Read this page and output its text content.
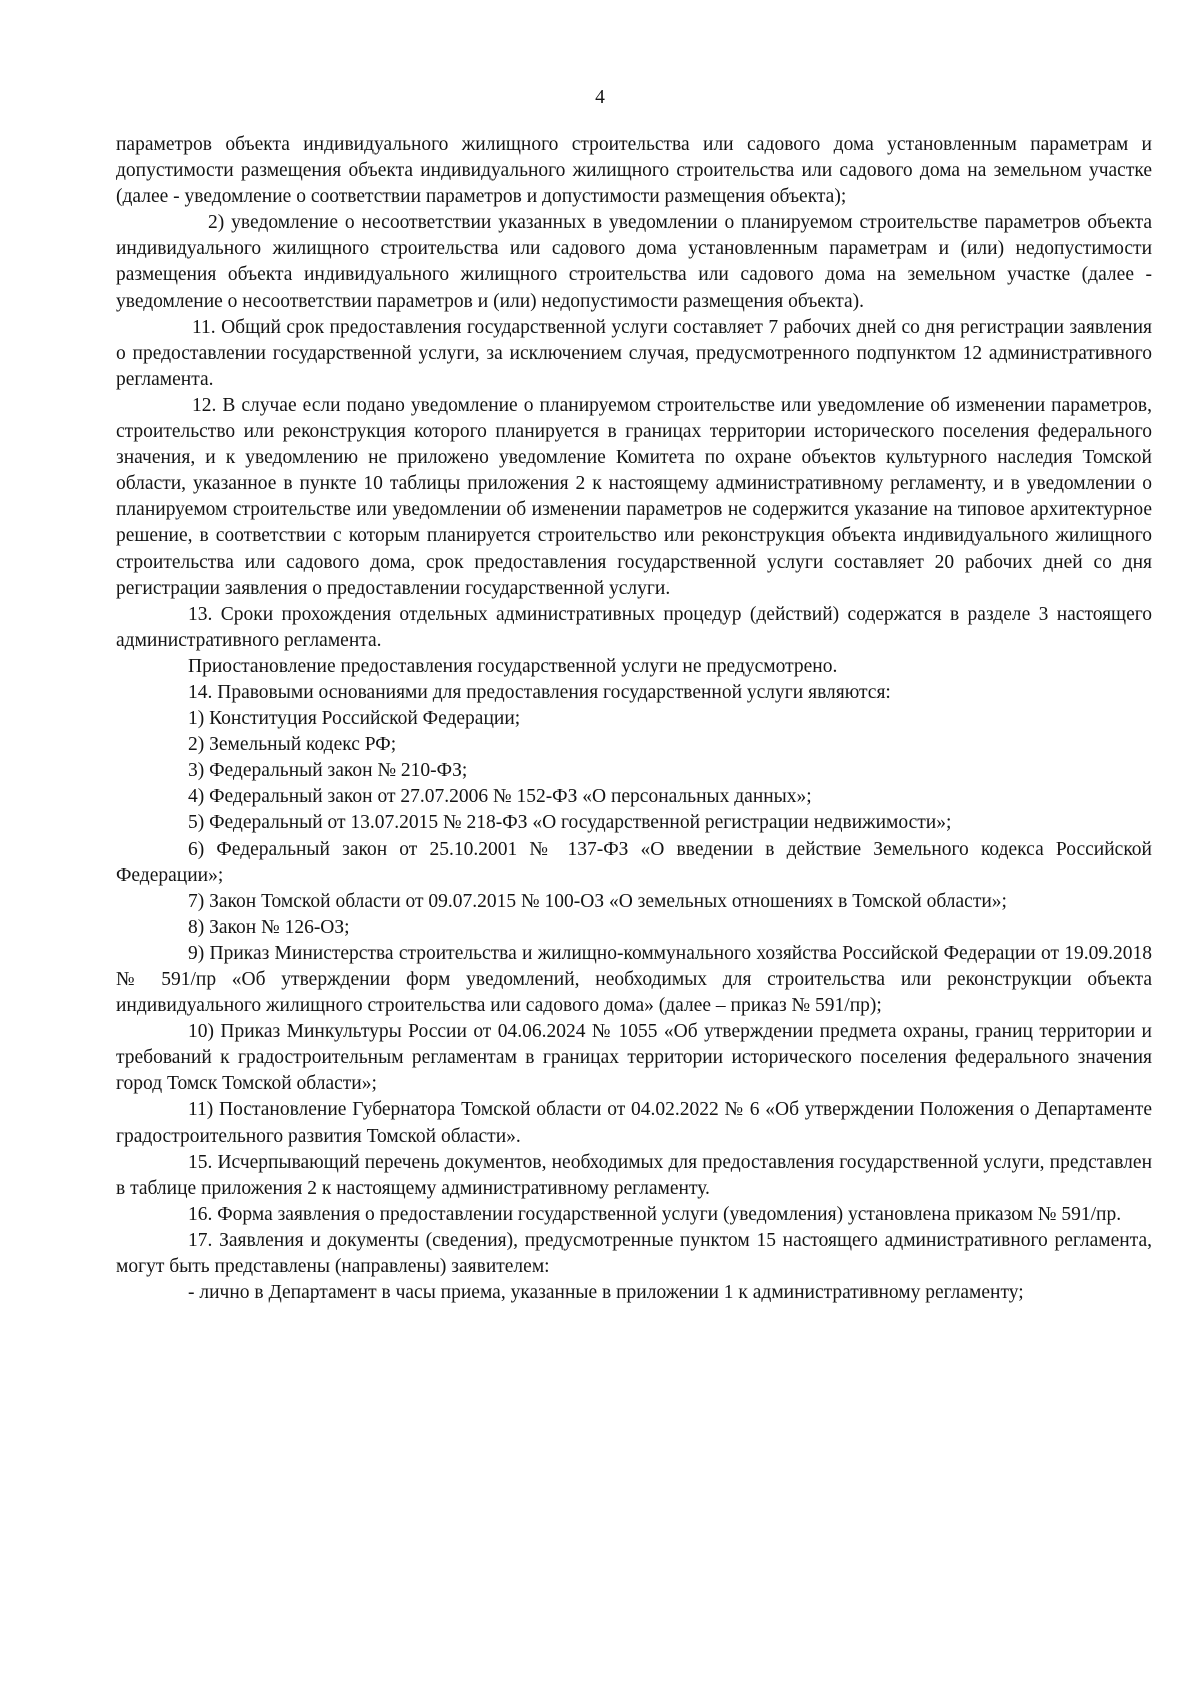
4

параметров объекта индивидуального жилищного строительства или садового дома установленным параметрам и допустимости размещения объекта индивидуального жилищного строительства или садового дома на земельном участке (далее - уведомление о соответствии параметров и допустимости размещения объекта);

2) уведомление о несоответствии указанных в уведомлении о планируемом строительстве параметров объекта индивидуального жилищного строительства или садового дома установленным параметрам и (или) недопустимости размещения объекта индивидуального жилищного строительства или садового дома на земельном участке (далее - уведомление о несоответствии параметров и (или) недопустимости размещения объекта).

11. Общий срок предоставления государственной услуги составляет 7 рабочих дней со дня регистрации заявления о предоставлении государственной услуги, за исключением случая, предусмотренного подпунктом 12 административного регламента.

12. В случае если подано уведомление о планируемом строительстве или уведомление об изменении параметров, строительство или реконструкция которого планируется в границах территории исторического поселения федерального значения, и к уведомлению не приложено уведомление Комитета по охране объектов культурного наследия Томской области, указанное в пункте 10 таблицы приложения 2 к настоящему административному регламенту, и в уведомлении о планируемом строительстве или уведомлении об изменении параметров не содержится указание на типовое архитектурное решение, в соответствии с которым планируется строительство или реконструкция объекта индивидуального жилищного строительства или садового дома, срок предоставления государственной услуги составляет 20 рабочих дней со дня регистрации заявления о предоставлении государственной услуги.

13. Сроки прохождения отдельных административных процедур (действий) содержатся в разделе 3 настоящего административного регламента.

Приостановление предоставления государственной услуги не предусмотрено.

14. Правовыми основаниями для предоставления государственной услуги являются:

1) Конституция Российской Федерации;

2) Земельный кодекс РФ;

3) Федеральный закон № 210-ФЗ;

4) Федеральный закон от 27.07.2006 № 152-ФЗ «О персональных данных»;

5) Федеральный от 13.07.2015 № 218-ФЗ «О государственной регистрации недвижимости»;

6) Федеральный закон от 25.10.2001 № 137-ФЗ «О введении в действие Земельного кодекса Российской Федерации»;

7) Закон Томской области от 09.07.2015 № 100-ОЗ «О земельных отношениях в Томской области»;

8) Закон № 126-ОЗ;

9) Приказ Министерства строительства и жилищно-коммунального хозяйства Российской Федерации от 19.09.2018 № 591/пр «Об утверждении форм уведомлений, необходимых для строительства или реконструкции объекта индивидуального жилищного строительства или садового дома» (далее – приказ № 591/пр);

10) Приказ Минкультуры России от 04.06.2024 № 1055 «Об утверждении предмета охраны, границ территории и требований к градостроительным регламентам в границах территории исторического поселения федерального значения город Томск Томской области»;

11) Постановление Губернатора Томской области от 04.02.2022 № 6 «Об утверждении Положения о Департаменте градостроительного развития Томской области».

15. Исчерпывающий перечень документов, необходимых для предоставления государственной услуги, представлен в таблице приложения 2 к настоящему административному регламенту.

16. Форма заявления о предоставлении государственной услуги (уведомления) установлена приказом № 591/пр.

17. Заявления и документы (сведения), предусмотренные пунктом 15 настоящего административного регламента, могут быть представлены (направлены) заявителем:

- лично в Департамент в часы приема, указанные в приложении 1 к административному регламенту;
